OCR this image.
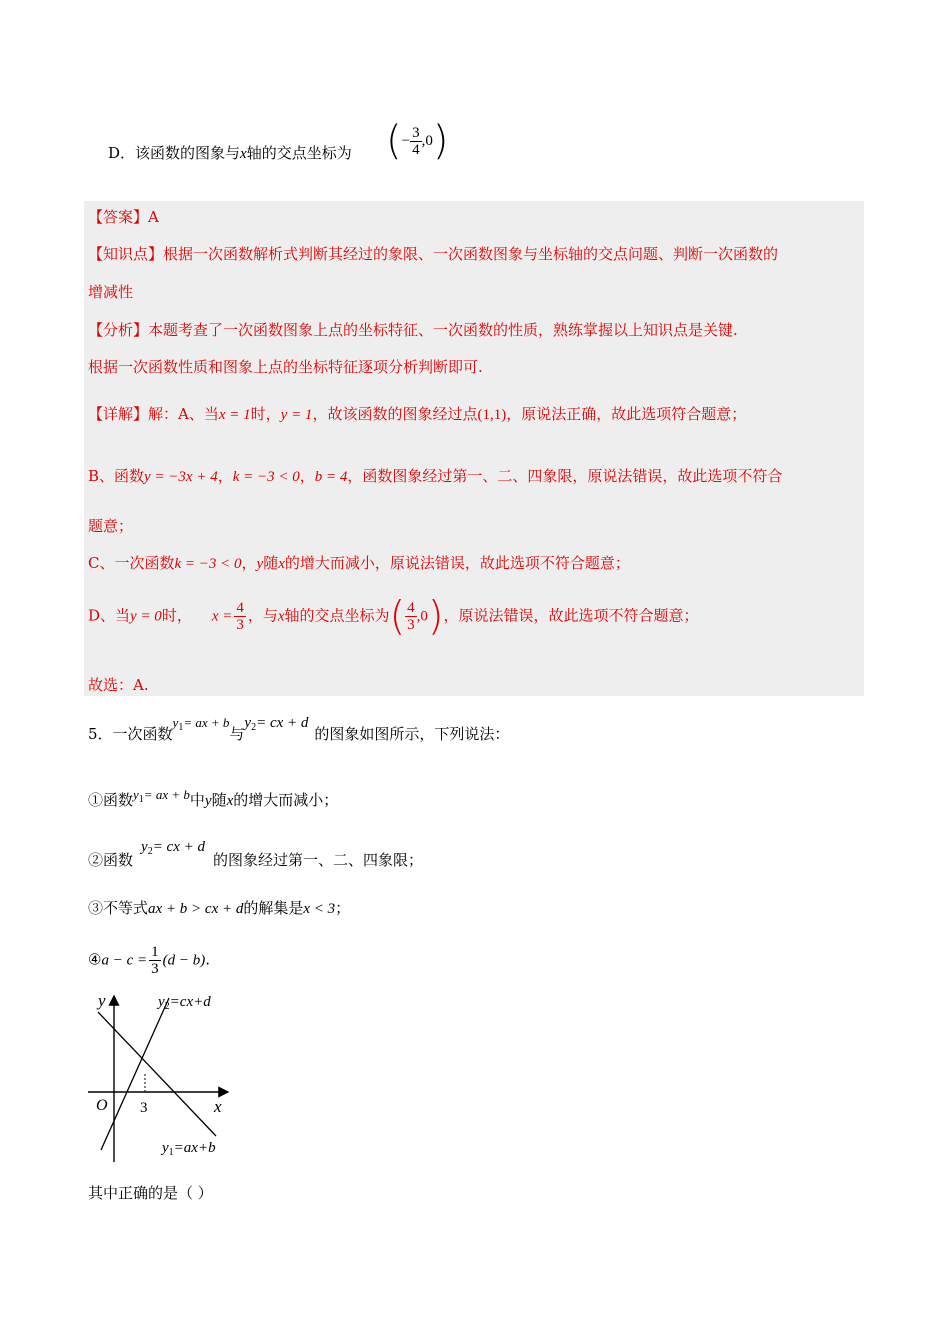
D．该函数的图象与x轴的交点坐标为 (− $\frac{3}{4} ,0$)
【答案】A
【知识点】根据一次函数解析式判断其经过的象限、一次函数图象与坐标轴的交点问题、判断一次函数的
增减性
【分析】本题考查了一次函数图象上点的坐标特征、一次函数的性质，熟练掌握以上知识点是关键.
根据一次函数性质和图象上点的坐标特征逐项分析判断即可.
【详解】解：A、当x = 1时，y = 1，故该函数的图象经过点(1,1)，原说法正确，故此选项符合题意；
B、函数y = −3x + 4，k = −3 < 0，b = 4，函数图象经过第一、二、四象限，原说法错误，故此选项不符合
题意；
C、一次函数k = −3 < 0，y随x的增大而减小，原说法错误，故此选项不符合题意；
D、当y = 0时， $x = \frac{4}{3}$ ，与x轴的交点坐标为( $\frac{4}{3} ,0$)，原说法错误，故此选项不符合题意；
故选：A.
5．一次函数$y_1=$ ax + b与$y_2=$ cx + d的图象如图所示，下列说法：
①函数$y_1=$ ax + b中y随x的增大而减小；
②函数$y_2=$ cx + d的图象经过第一、二、四象限；
③不等式ax + b > cx + d的解集是x < 3；
④a − $c = \frac{1}{3} (d - b)$.
y
x
O 3
$y_2=cx+d$
$y_1=ax+b$
其中正确的是（ ）
